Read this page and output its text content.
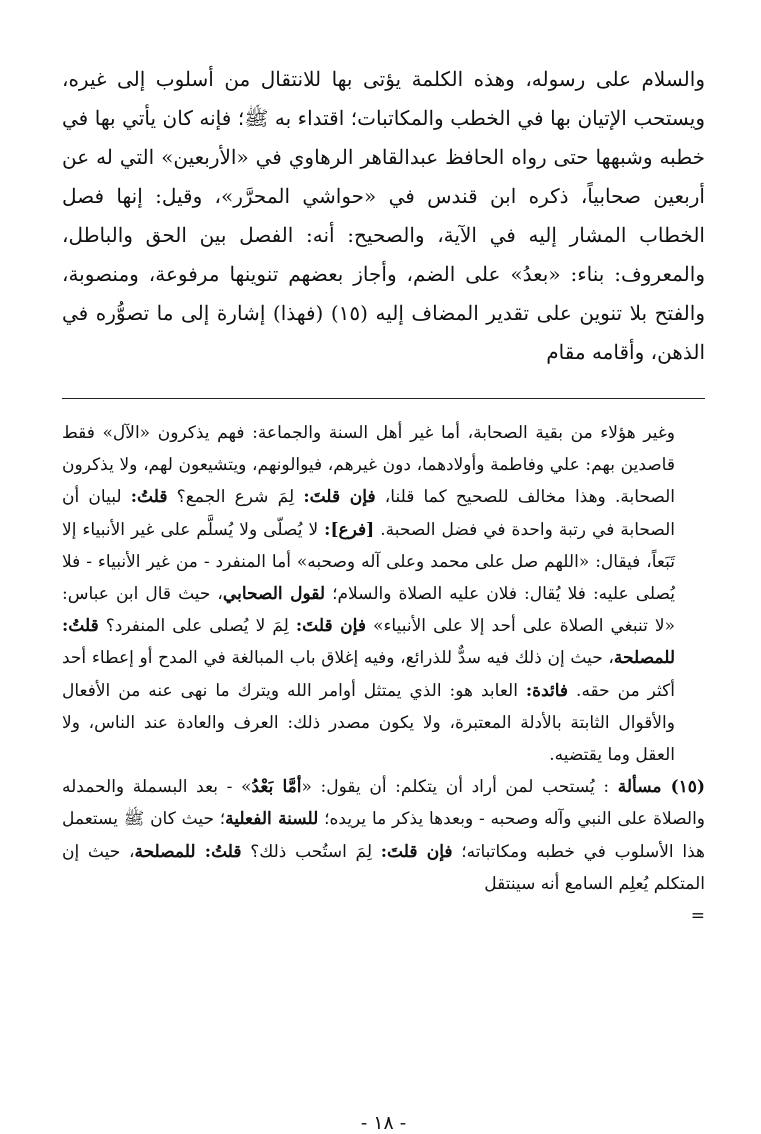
والسلام على رسوله، وهذه الكلمة يؤتى بها للانتقال من أسلوب إلى غيره، ويستحب الإتيان بها في الخطب والمكاتبات؛ اقتداء به ﷺ؛ فإنه كان يأتي بها في خطبه وشبهها حتى رواه الحافظ عبدالقاهر الرهاوي في «الأربعين» التي له عن أربعين صحابياً، ذكره ابن قندس في «حواشي المحرَّر»، وقيل: إنها فصل الخطاب المشار إليه في الآية، والصحيح: أنه: الفصل بين الحق والباطل، والمعروف: بناء: «بعدُ» على الضم، وأجاز بعضهم تنوينها مرفوعة، ومنصوبة، والفتح بلا تنوين على تقدير المضاف إليه (١٥) (فهذا) إشارة إلى ما تصوُّره في الذهن، وأقامه مقام

وغير هؤلاء من بقية الصحابة، أما غير أهل السنة والجماعة: فهم يذكرون «الآل» فقط قاصدين بهم: علي وفاطمة وأولادهما، دون غيرهم، فيوالونهم، ويتشيعون لهم، ولا يذكرون الصحابة. وهذا مخالف للصحيح كما قلنا، فإن قلتَ: لِمَ شرع الجمع؟ قلتُ: لبيان أن الصحابة في رتبة واحدة في فضل الصحبة. [فرع]: لا يُصلّى ولا يُسلَّم على غير الأنبياء إلا تَبَعاً، فيقال: «اللهم صل على محمد وعلى آله وصحبه» أما المنفرد - من غير الأنبياء - فلا يُصلى عليه: فلا يُقال: فلان عليه الصلاة والسلام؛ لقول الصحابي، حيث قال ابن عباس: «لا تنبغي الصلاة على أحد إلا على الأنبياء» فإن قلتَ: لِمَ لا يُصلى على المنفرد؟ قلتُ: للمصلحة، حيث إن ذلك فيه سدٌّ للذرائع، وفيه إغلاق باب المبالغة في المدح أو إعطاء أحد أكثر من حقه. فائدة: العابد هو: الذي يمتثل أوامر الله ويترك ما نهى عنه من الأفعال والأقوال الثابتة بالأدلة المعتبرة، ولا يكون مصدر ذلك: العرف والعادة عند الناس، ولا العقل وما يقتضيه.

(١٥) مسألة : يُستحب لمن أراد أن يتكلم: أن يقول: «أمَّا بَعْدُ» - بعد البسملة والحمدله والصلاة على النبي وآله وصحبه - وبعدها يذكر ما يريده؛ للسنة الفعلية؛ حيث كان ﷺ يستعمل هذا الأسلوب في خطبه ومكاتباته؛ فإن قلتَ: لِمَ استُحب ذلك؟ قلتُ: للمصلحة، حيث إن المتكلم يُعلِم السامع أنه سينتقل

=

- ١٨ -
